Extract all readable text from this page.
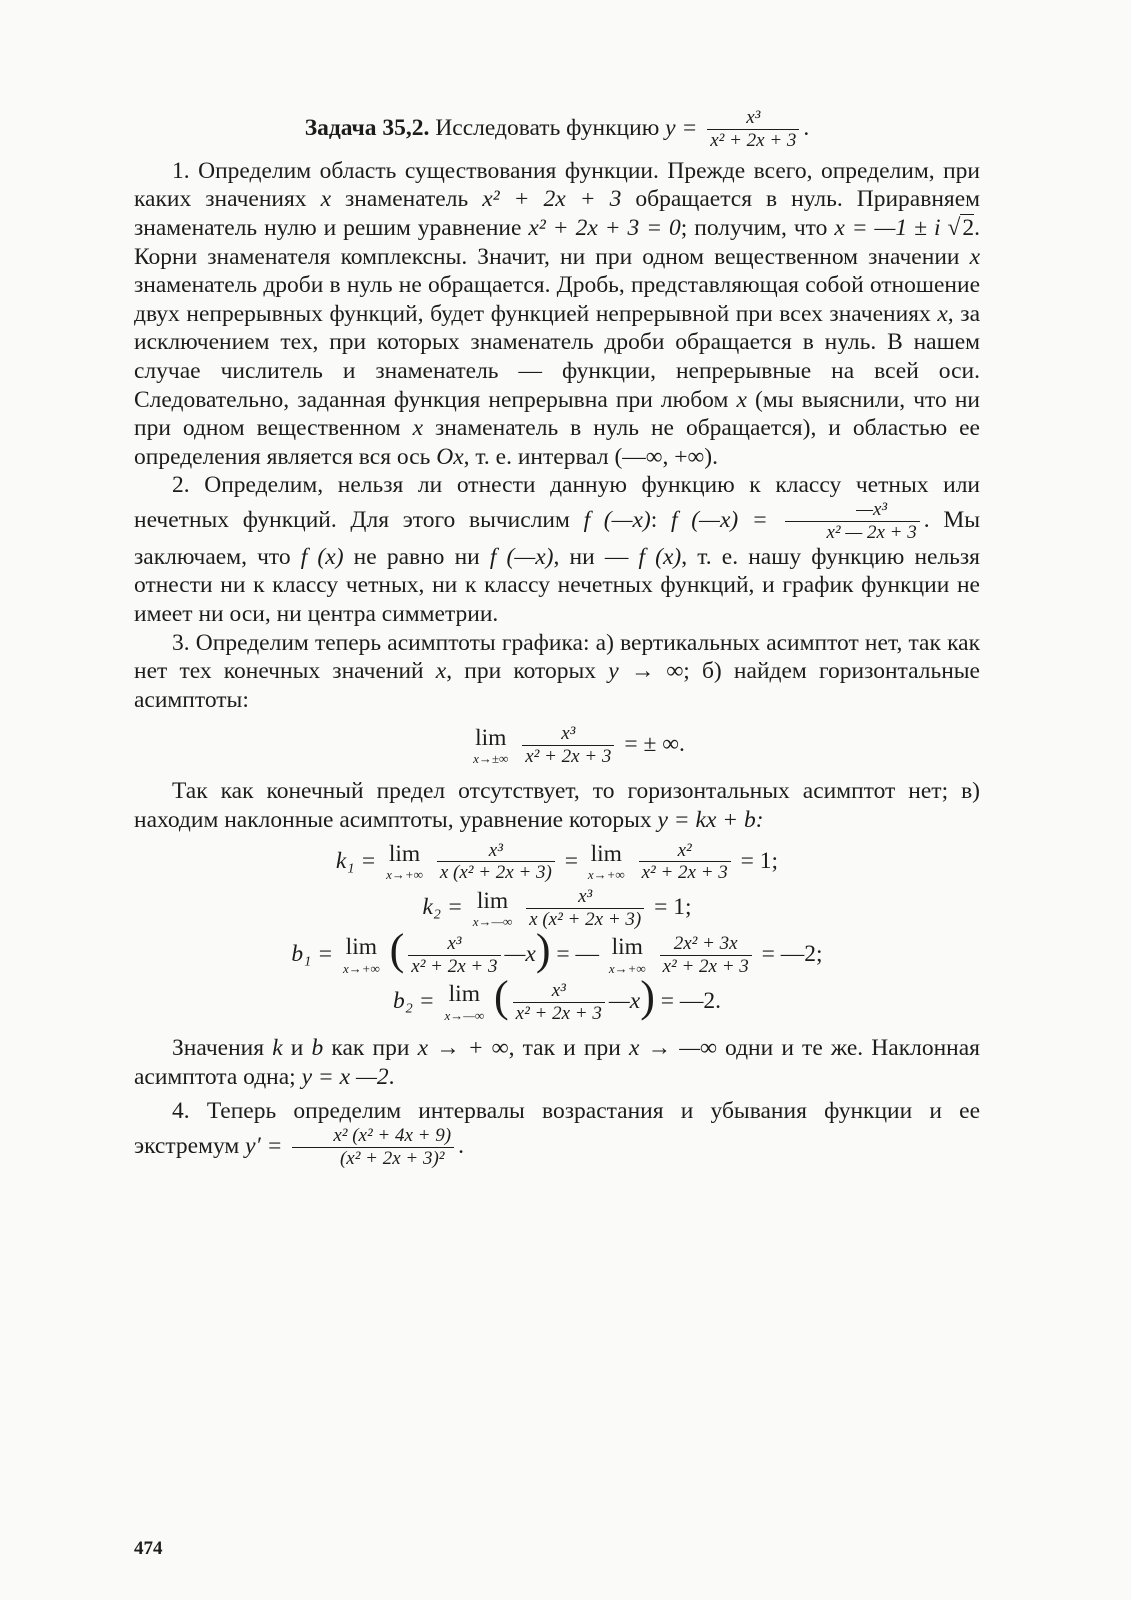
Задача 35,2. Исследовать функцию $y = \frac{\text{x³}}{\text{x² + 2x + 3}}$ .

1. Определим область существования функции. Прежде всего, определим, при каких значениях x знаменатель x² + 2x + 3 обращается в нуль. Приравняем знаменатель нулю и решим уравнение x² + 2x + 3 = 0; получим, что x = —1 ± i √2. Корни знаменателя комплексны. Значит, ни при одном вещественном значении x знаменатель дроби в нуль не обращается. Дробь, представляющая собой отношение двух непрерывных функций, будет функцией непрерывной при всех значениях x, за исключением тех, при которых знаменатель дроби обращается в нуль. В нашем случае числитель и знаменатель — функции, непрерывные на всей оси. Следовательно, заданная функция непрерывна при любом x (мы выяснили, что ни при одном вещественном x знаменатель в нуль не обращается), и областью ее определения является вся ось Ox, т. е. интервал (—∞, +∞).

2. Определим, нельзя ли отнести данную функцию к классу четных или нечетных функций. Для этого вычислим f (—x): f (—x) = $\frac{\text{—x³}}{\text{x² — 2x + 3}}$ . Мы заключаем, что f (x) не равно ни f (—x), ни — f (x), т. е. нашу функцию нельзя отнести ни к классу четных, ни к классу нечетных функций, и график функции не имеет ни оси, ни центра симметрии.

3. Определим теперь асимптоты графика: а) вертикальных асимптот нет, так как нет тех конечных значений x, при которых y → ∞; б) найдем горизонтальные асимптоты:

lim
x→±∞
$\frac{\text{x³}}{\text{x² + 2x + 3}}$ = ± ∞.

Так как конечный предел отсутствует, то горизонтальных асимптот нет; в) находим наклонные асимптоты, уравнение которых y = kx + b:

k₁ = lim
x→+∞
$\frac{\text{x³}}{\text{x (x² + 2x + 3)}} = \lim$
x→+∞
$\frac{\text{x²}}{\text{x² + 2x + 3}} = 1$;
k₂ = lim
x→—∞
$\frac{\text{x³}}{\text{x (x² + 2x + 3)}} = 1$;
b₁ = lim
x→+∞ ( $\frac{\text{x³}}{\text{x² + 2x + 3}}$ —x) = — lim
x→+∞
$\frac{\text{2x² + 3x}}{\text{x² + 2x + 3}}$ = —2;
b₂ = lim
x→—∞ ( $\frac{\text{x³}}{\text{x² + 2x + 3}}$ —x) = —2.

Значения k и b как при x → + ∞, так и при x → —∞ одни и те же. Наклонная асимптота одна; y = x —2.

4. Теперь определим интервалы возрастания и убывания функции и ее экстремум $y' = \frac{\text{x² (x² + 4x + 9)}}{\text{(x² + 2x + 3)²}}$ .

474
